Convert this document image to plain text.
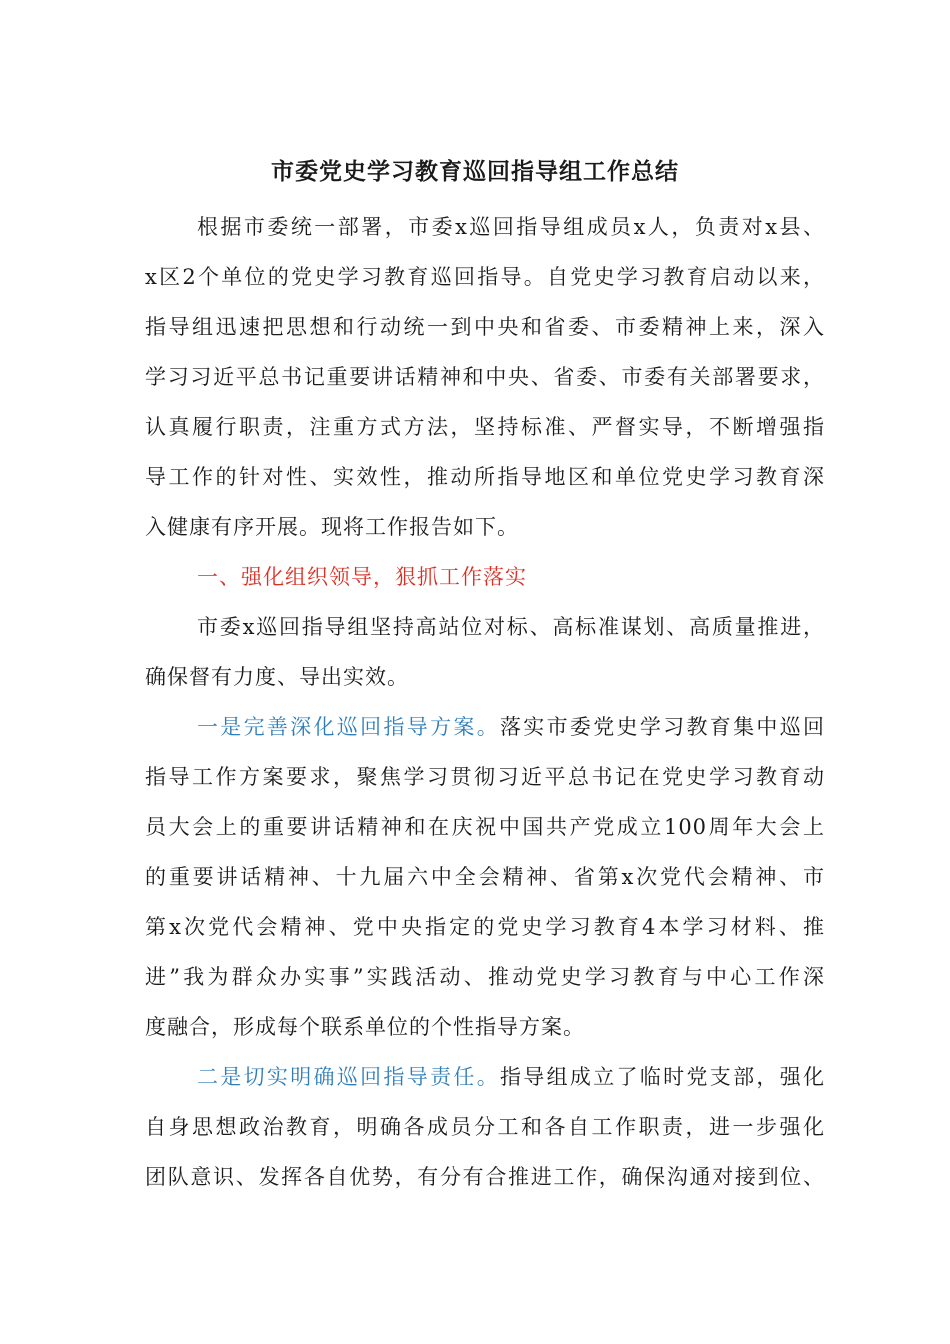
市委党史学习教育巡回指导组工作总结

根据市委统一部署，市委x巡回指导组成员x人，负责对x县、

x区2个单位的党史学习教育巡回指导。自党史学习教育启动以来，

指导组迅速把思想和行动统一到中央和省委、市委精神上来，深入

学习习近平总书记重要讲话精神和中央、省委、市委有关部署要求，

认真履行职责，注重方式方法，坚持标准、严督实导，不断增强指

导工作的针对性、实效性，推动所指导地区和单位党史学习教育深

入健康有序开展。现将工作报告如下。

一、强化组织领导，狠抓工作落实

市委x巡回指导组坚持高站位对标、高标准谋划、高质量推进，

确保督有力度、导出实效。

一是完善深化巡回指导方案。落实市委党史学习教育集中巡回

指导工作方案要求，聚焦学习贯彻习近平总书记在党史学习教育动

员大会上的重要讲话精神和在庆祝中国共产党成立100周年大会上

的重要讲话精神、十九届六中全会精神、省第x次党代会精神、市

第x次党代会精神、党中央指定的党史学习教育4本学习材料、推

进”我为群众办实事”实践活动、推动党史学习教育与中心工作深

度融合，形成每个联系单位的个性指导方案。

二是切实明确巡回指导责任。指导组成立了临时党支部，强化

自身思想政治教育，明确各成员分工和各自工作职责，进一步强化

团队意识、发挥各自优势，有分有合推进工作，确保沟通对接到位、
